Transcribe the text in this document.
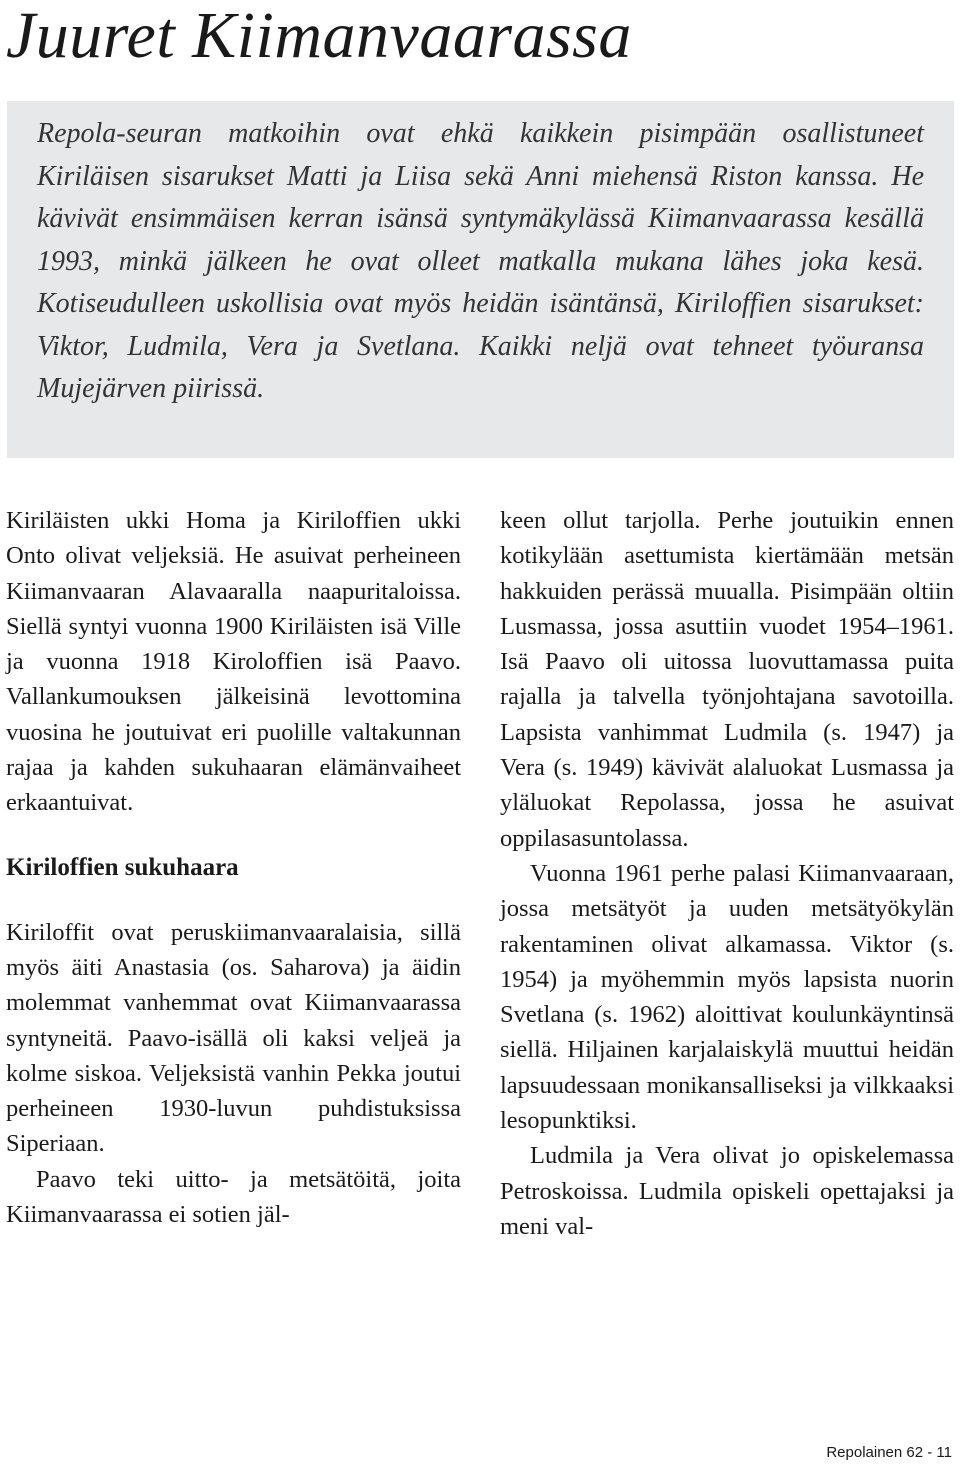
Juuret Kiimanvaarassa

Repola-seuran matkoihin ovat ehkä kaikkein pisimpään osallistuneet Kiriläisen sisarukset Matti ja Liisa sekä Anni miehensä Riston kanssa. He kävivät ensimmäisen kerran isänsä syntymäkylässä Kiimanvaarassa kesällä 1993, minkä jälkeen he ovat olleet matkalla mukana lähes joka kesä. Kotiseudulleen uskollisia ovat myös heidän isäntänsä, Kiriloffien sisarukset: Viktor, Ludmila, Vera ja Svetlana. Kaikki neljä ovat tehneet työuransa Mujejärven piirissä.

Kiriläisten ukki Homa ja Kiriloffien ukki Onto olivat veljeksiä. He asuivat perheineen Kiimanvaaran Alavaaralla naapuritaloissa. Siellä syntyi vuonna 1900 Kiriläisten isä Ville ja vuonna 1918 Kiroloffien isä Paavo. Vallankumouksen jälkeisinä levottomina vuosina he joutuivat eri puolille valtakunnan rajaa ja kahden sukuhaaran elämänvaiheet erkaantuivat.

Kiriloffien sukuhaara

Kiriloffit ovat peruskiimanvaaralaisia, sillä myös äiti Anastasia (os. Saharova) ja äidin molemmat vanhemmat ovat Kiimanvaarassa syntyneitä. Paavo-isällä oli kaksi veljeä ja kolme siskoa. Veljeksistä vanhin Pekka joutui perheineen 1930-luvun puhdistuksissa Siperiaan.

Paavo teki uitto- ja metsätöitä, joita Kiimanvaarassa ei sotien jäl-

keen ollut tarjolla. Perhe joutuikin ennen kotikylään asettumista kiertämään metsän hakkuiden perässä muualla. Pisimpään oltiin Lusmassa, jossa asuttiin vuodet 1954–1961. Isä Paavo oli uitossa luovuttamassa puita rajalla ja talvella työnjohtajana savotoilla. Lapsista vanhimmat Ludmila (s. 1947) ja Vera (s. 1949) kävivät alaluokat Lusmassa ja yläluokat Repolassa, jossa he asuivat oppilasasuntolassa.

Vuonna 1961 perhe palasi Kiimanvaaraan, jossa metsätyöt ja uuden metsätyökylän rakentaminen olivat alkamassa. Viktor (s. 1954) ja myöhemmin myös lapsista nuorin Svetlana (s. 1962) aloittivat koulunkäyntinsä siellä. Hiljainen karjalaiskylä muuttui heidän lapsuudessaan monikansalliseksi ja vilkkaaksi lesopunktiksi.

Ludmila ja Vera olivat jo opiskelemassa Petroskoissa. Ludmila opiskeli opettajaksi ja meni val-

Repolainen 62 - 11
